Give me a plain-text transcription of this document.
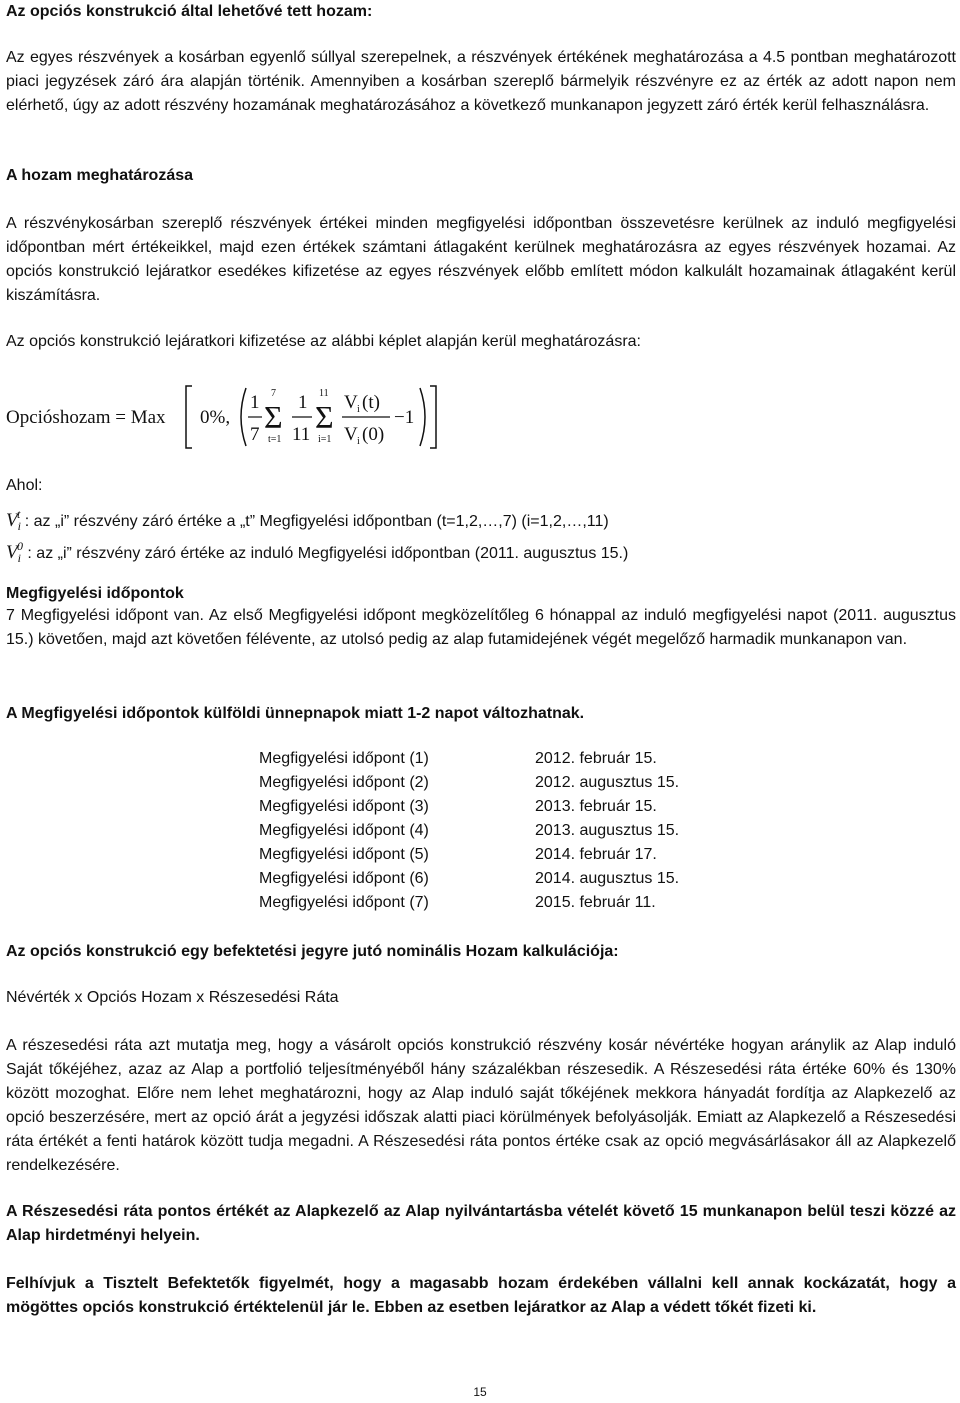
Az opciós konstrukció által lehetővé tett hozam:

Az egyes részvények a kosárban egyenlő súllyal szerepelnek, a részvények értékének meghatározása a 4.5 pontban meghatározott piaci jegyzések záró ára alapján történik. Amennyiben a kosárban szereplő bármelyik részvényre ez az érték az adott napon nem elérhető, úgy az adott részvény hozamának meghatározásához a következő munkanapon jegyzett záró érték kerül felhasználásra.

A hozam meghatározása

A részvénykosárban szereplő részvények értékei minden megfigyelési időpontban összevetésre kerülnek az induló megfigyelési időpontban mért értékeikkel, majd ezen értékek számtani átlagaként kerülnek meghatározásra az egyes részvények hozamai. Az opciós konstrukció lejáratkor esedékes kifizetése az egyes részvények előbb említett módon kalkulált hozamainak átlagaként kerül kiszámításra.

Az opciós konstrukció lejáratkori kifizetése az alábbi képlet alapján kerül meghatározásra:

Opcióshozam = Max 0%,
1
7
7
Σ
t=1
1
11
11
Σ
i=1
V i (t)
V i (0)
−1

Ahol:

$V_i^t$ : az „i” részvény záró értéke a „t” Megfigyelési időpontban (t=1,2,…,7) (i=1,2,…,11)
$V_i^0$ : az „i” részvény záró értéke az induló Megfigyelési időpontban (2011. augusztus 15.)

Megfigyelési időpontok

7 Megfigyelési időpont van. Az első Megfigyelési időpont megközelítőleg 6 hónappal az induló megfigyelési napot (2011. augusztus 15.) követően, majd azt követően félévente, az utolsó pedig az alap futamidejének végét megelőző harmadik munkanapon van.

A Megfigyelési időpontok külföldi ünnepnapok miatt 1-2 napot változhatnak.

Megfigyelési időpont (1)	2012. február 15.
Megfigyelési időpont (2)	2012. augusztus 15.
Megfigyelési időpont (3)	2013. február 15.
Megfigyelési időpont (4)	2013. augusztus 15.
Megfigyelési időpont (5)	2014. február 17.
Megfigyelési időpont (6)	2014. augusztus 15.
Megfigyelési időpont (7)	2015. február 11.

Az opciós konstrukció egy befektetési jegyre jutó nominális Hozam kalkulációja:

Névérték x Opciós Hozam x Részesedési Ráta

A részesedési ráta azt mutatja meg, hogy a vásárolt opciós konstrukció részvény kosár névértéke hogyan aránylik az Alap induló Saját tőkéjéhez, azaz az Alap a portfolió teljesítményéből hány százalékban részesedik. A Részesedési ráta értéke 60% és 130% között mozoghat. Előre nem lehet meghatározni, hogy az Alap induló saját tőkéjének mekkora hányadát fordítja az Alapkezelő az opció beszerzésére, mert az opció árát a jegyzési időszak alatti piaci körülmények befolyásolják. Emiatt az Alapkezelő a Részesedési ráta értékét a fenti határok között tudja megadni. A Részesedési ráta pontos értéke csak az opció megvásárlásakor áll az Alapkezelő rendelkezésére.

A Részesedési ráta pontos értékét az Alapkezelő az Alap nyilvántartásba vételét követő 15 munkanapon belül teszi közzé az Alap hirdetményi helyein.

Felhívjuk a Tisztelt Befektetők figyelmét, hogy a magasabb hozam érdekében vállalni kell annak kockázatát, hogy a mögöttes opciós konstrukció értéktelenül jár le. Ebben az esetben lejáratkor az Alap a védett tőkét fizeti ki.

15
